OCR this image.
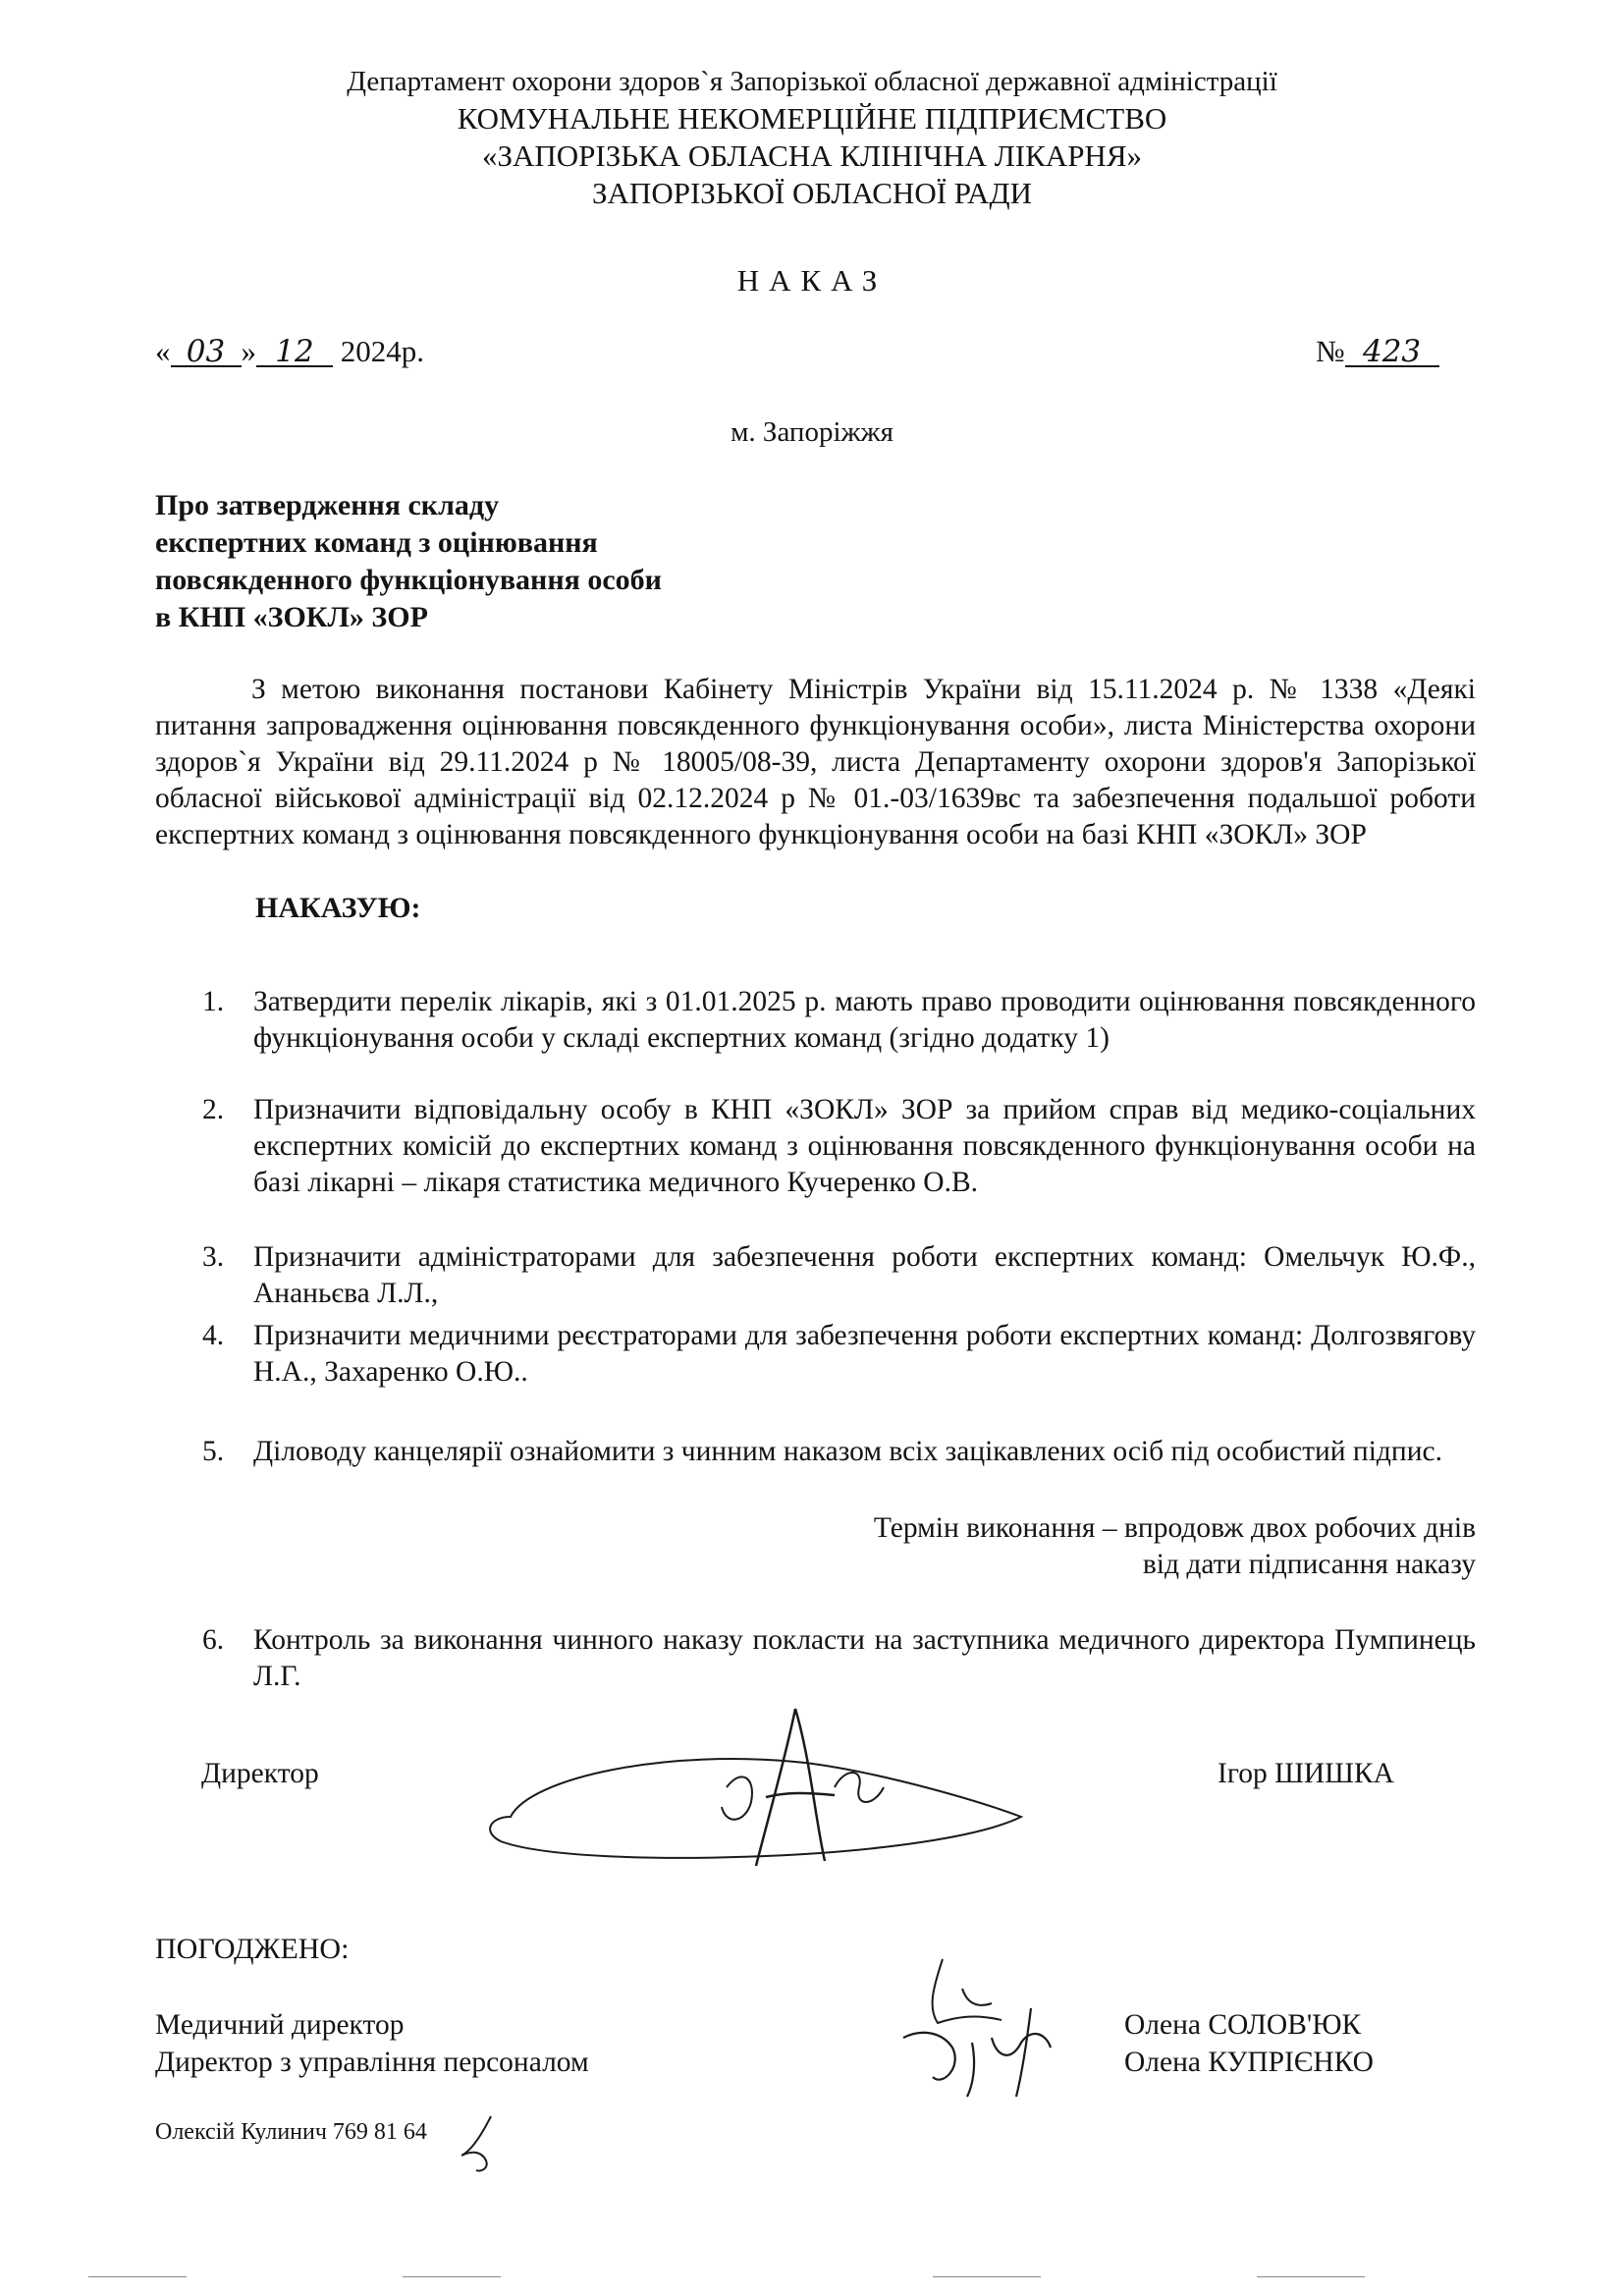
Департамент охорони здоров`я Запорізької обласної державної адміністрації
КОМУНАЛЬНЕ НЕКОМЕРЦІЙНЕ ПІДПРИЄМСТВО
«ЗАПОРІЗЬКА ОБЛАСНА КЛІНІЧНА ЛІКАРНЯ»
ЗАПОРІЗЬКОЇ ОБЛАСНОЇ РАДИ
НАКАЗ
« 03 » 12 2024р.	№ 423
м. Запоріжжя
Про затвердження складу
експертних команд з оцінювання
повсякденного функціонування особи
в КНП «ЗОКЛ» ЗОР
З метою виконання постанови Кабінету Міністрів України від 15.11.2024 р. № 1338 «Деякі питання запровадження оцінювання повсякденного функціонування особи», листа Міністерства охорони здоров`я України від 29.11.2024 р № 18005/08-39, листа Департаменту охорони здоров'я Запорізької обласної військової адміністрації від 02.12.2024 р № 01.-03/1639вс та забезпечення подальшої роботи експертних команд з оцінювання повсякденного функціонування особи на базі КНП «ЗОКЛ» ЗОР
НАКАЗУЮ:
1.	Затвердити перелік лікарів, які з 01.01.2025 р. мають право проводити оцінювання повсякденного функціонування особи у складі експертних команд (згідно додатку 1)
2.	Призначити відповідальну особу в КНП «ЗОКЛ» ЗОР за прийом справ від медико-соціальних експертних комісій до експертних команд з оцінювання повсякденного функціонування особи на базі лікарні – лікаря статистика медичного Кучеренко О.В.
3.	Призначити адміністраторами для забезпечення роботи експертних команд: Омельчук Ю.Ф., Ананьєва Л.Л.,
4.	Призначити медичними реєстраторами для забезпечення роботи експертних команд: Долгозвягову Н.А., Захаренко О.Ю..
5.	Діловоду канцелярії ознайомити з чинним наказом всіх зацікавлених осіб під особистий підпис.
6.	Контроль за виконання чинного наказу покласти на заступника медичного директора Пумпинець Л.Г.
Термін виконання – впродовж двох робочих днів
від дати підписання наказу
Директор	Ігор ШИШКА
ПОГОДЖЕНО:
Медичний директор
Директор з управління персоналом
Олена СОЛОВ'ЮК
Олена КУПРІЄНКО
Олексій Кулинич 769 81 64
